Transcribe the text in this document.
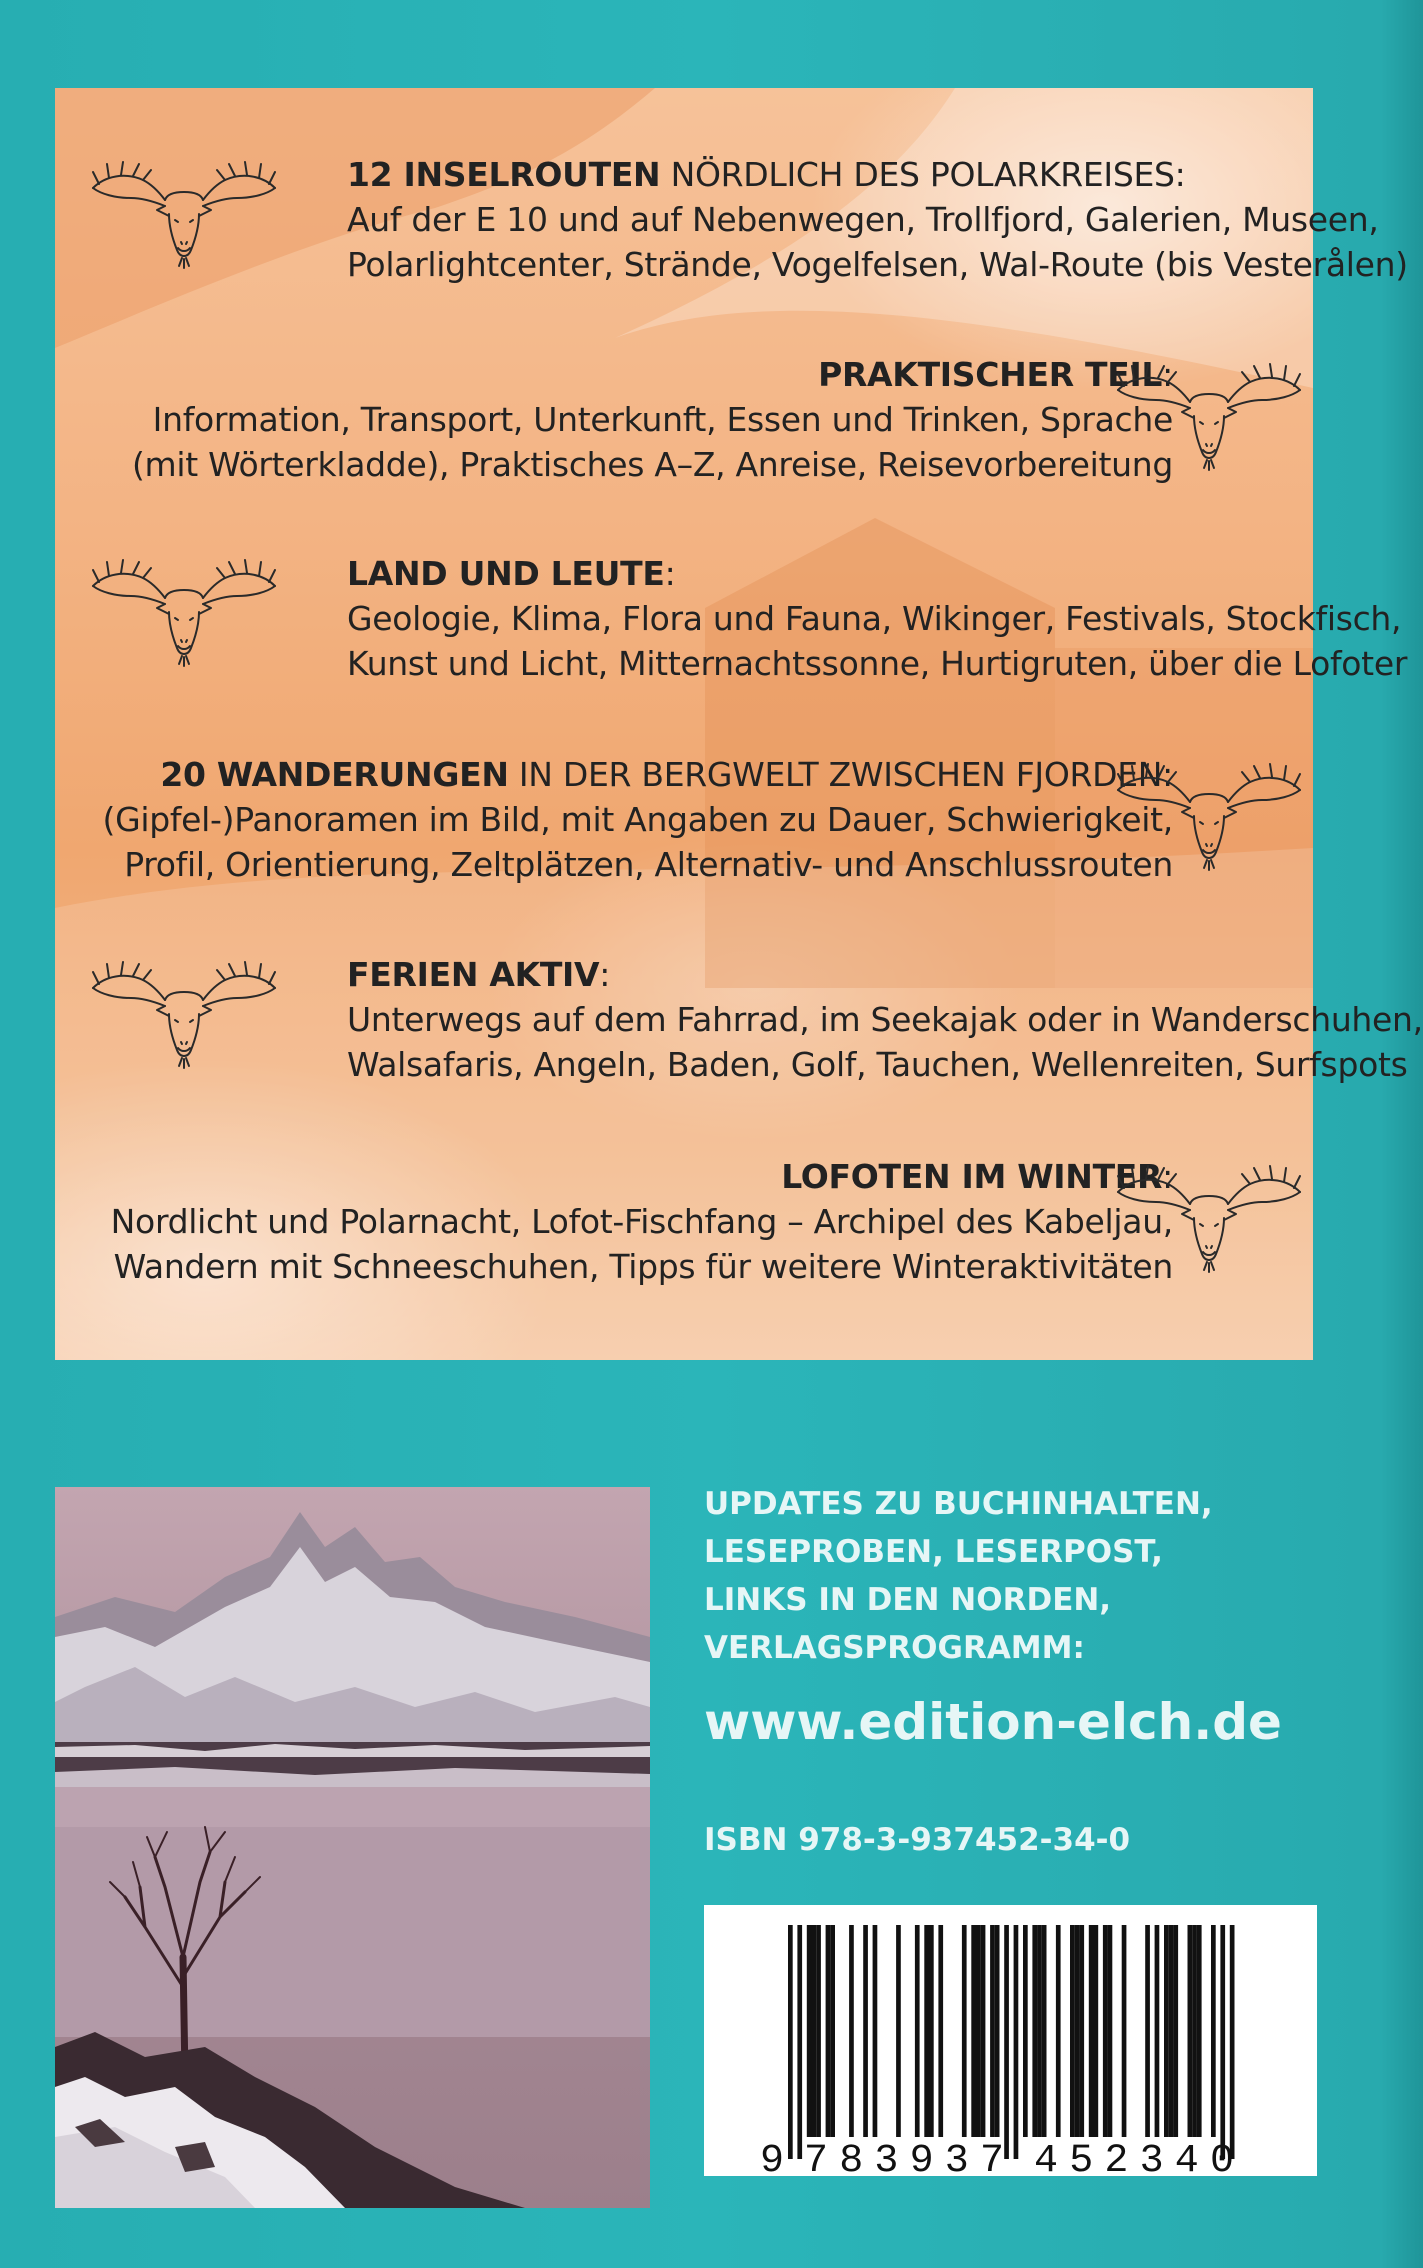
12 INSELROUTEN NÖRDLICH DES POLARKREISES:
Auf der E 10 und auf Nebenwegen, Trollfjord, Galerien, Museen,
Polarlightcenter, Strände, Vogelfelsen, Wal-Route (bis Vesterålen)
PRAKTISCHER TEIL:
Information, Transport, Unterkunft, Essen und Trinken, Sprache
(mit Wörterkladde), Praktisches A–Z, Anreise, Reisevorbereitung
LAND UND LEUTE:
Geologie, Klima, Flora und Fauna, Wikinger, Festivals, Stockfisch,
Kunst und Licht, Mitternachtssonne, Hurtigruten, über die Lofoter
20 WANDERUNGEN IN DER BERGWELT ZWISCHEN FJORDEN:
(Gipfel-)Panoramen im Bild, mit Angaben zu Dauer, Schwierigkeit,
Profil, Orientierung, Zeltplätzen, Alternativ- und Anschlussrouten
FERIEN AKTIV:
Unterwegs auf dem Fahrrad, im Seekajak oder in Wanderschuhen,
Walsafaris, Angeln, Baden, Golf, Tauchen, Wellenreiten, Surfspots
LOFOTEN IM WINTER:
Nordlicht und Polarnacht, Lofot-Fischfang – Archipel des Kabeljau,
Wandern mit Schneeschuhen, Tipps für weitere Winteraktivitäten
UPDATES ZU BUCHINHALTEN,
LESEPROBEN, LESERPOST,
LINKS IN DEN NORDEN,
VERLAGSPROGRAMM:
www.edition-elch.de
ISBN 978-3-937452-34-0
9 783937 452340
